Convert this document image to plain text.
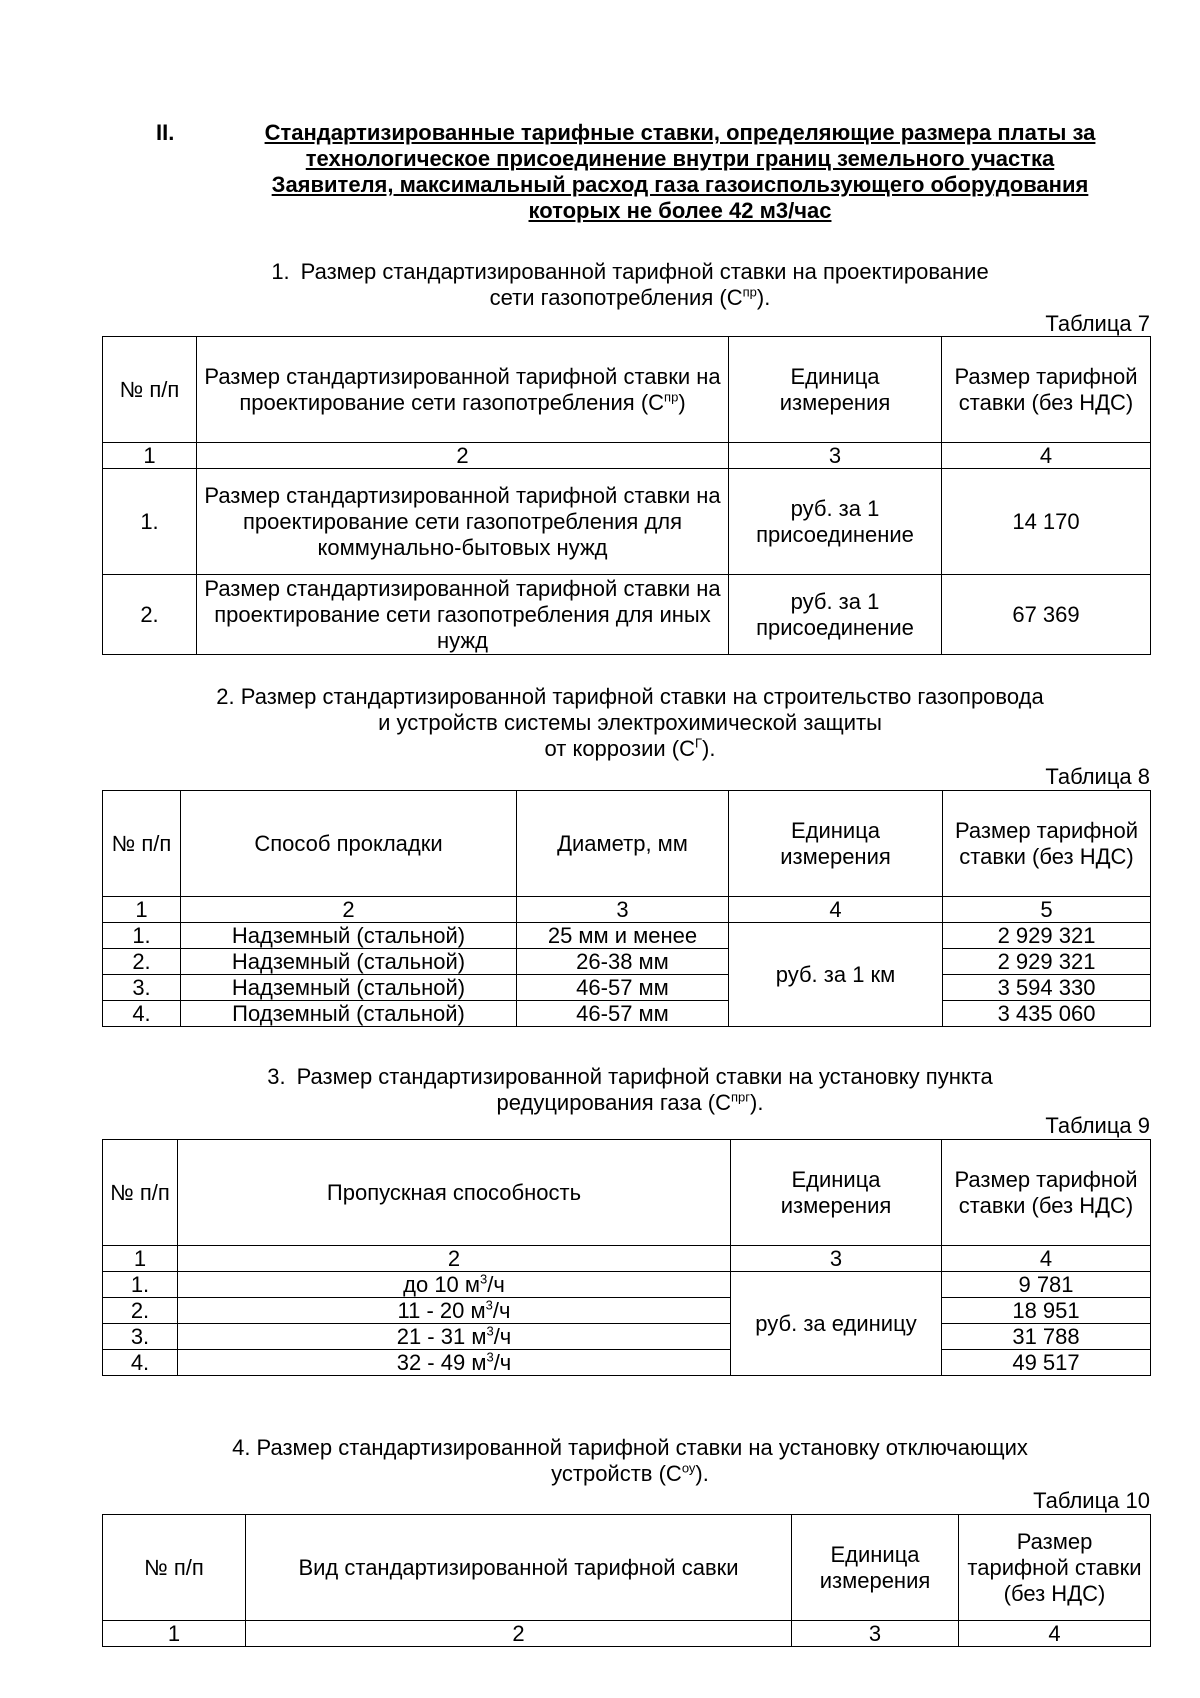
II.	Стандартизированные тарифные ставки, определяющие размера платы за
технологическое присоединение внутри границ земельного участка
Заявителя, максимальный расход газа газоиспользующего оборудования
которых не более 42 м3/час
1. Размер стандартизированной тарифной ставки на проектирование
сети газопотребления $(С^{пр})$.
Таблица 7
№ п/п	Размер стандартизированной тарифной ставки на проектирование сети газопотребления $(С^{пр})$	Единица измерения	Размер тарифной ставки (без НДС)
1	2	3	4
1.	Размер стандартизированной тарифной ставки на проектирование сети газопотребления для коммунально-бытовых нужд	руб. за 1 присоединение	14 170
2.	Размер стандартизированной тарифной ставки на проектирование сети газопотребления для иных нужд	руб. за 1 присоединение	67 369
2. Размер стандартизированной тарифной ставки на строительство газопровода
и устройств системы электрохимической защиты
от коррозии $(С^Г)$.
Таблица 8
№ п/п	Способ прокладки	Диаметр, мм	Единица измерения	Размер тарифной ставки (без НДС)
1	2	3	4	5
1.	Надземный (стальной)	25 мм и менее	руб. за 1 км	2 929 321
2.	Надземный (стальной)	26-38 мм		2 929 321
3.	Надземный (стальной)	46-57 мм		3 594 330
4.	Подземный (стальной)	46-57 мм		3 435 060
3. Размер стандартизированной тарифной ставки на установку пункта
редуцирования газа $(С^{прг})$.
Таблица 9
№ п/п	Пропускная способность	Единица измерения	Размер тарифной ставки (без НДС)
1	2	3	4
1.	до 10 $м^3/ч$	руб. за единицу	9 781
2.	11 - 20 $м^3/ч$		18 951
3.	21 - 31 $м^3/ч$		31 788
4.	32 - 49 $м^3/ч$		49 517
4. Размер стандартизированной тарифной ставки на установку отключающих
устройств $(С^{оу})$.
Таблица 10
№ п/п	Вид стандартизированной тарифной савки	Единица измерения	Размер тарифной ставки (без НДС)
1	2	3	4
